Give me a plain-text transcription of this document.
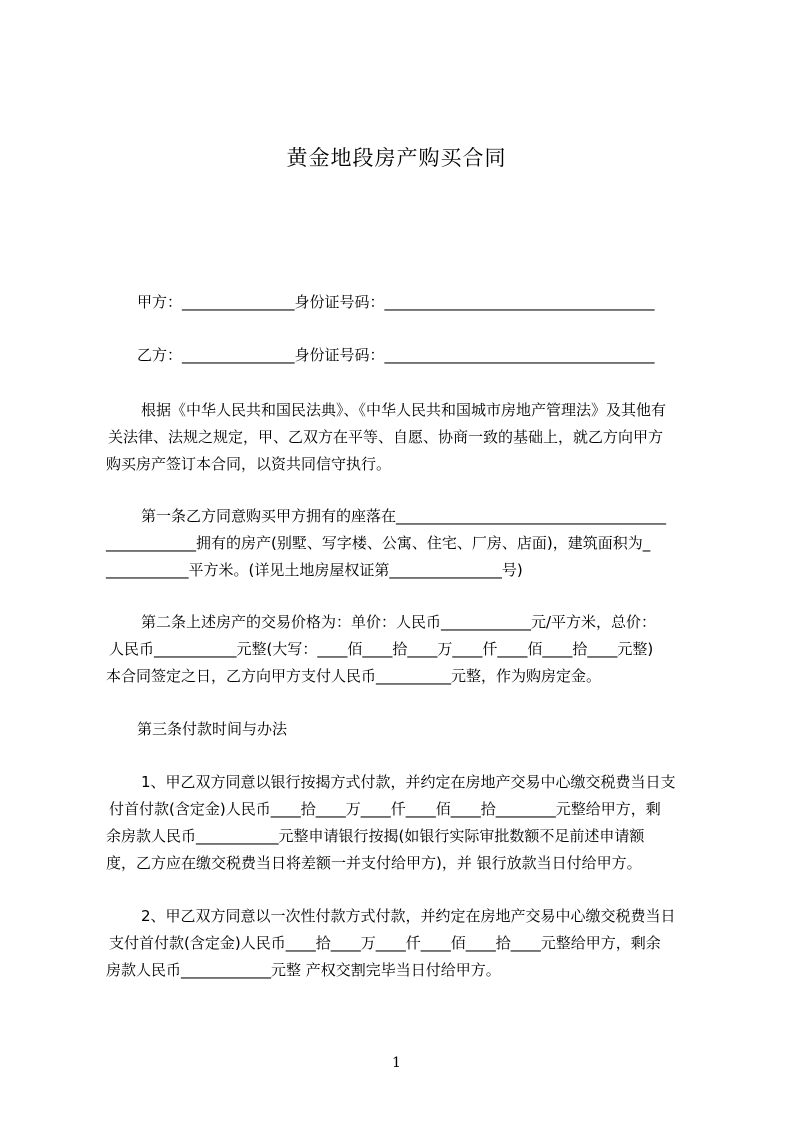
黄金地段房产购买合同
甲方：_______________身份证号码：____________________________________
乙方：_______________身份证号码：____________________________________
根据《中华人民共和国民法典》、《中华人民共和国城市房地产管理法》及其他有
关法律、法规之规定，甲、乙双方在平等、自愿、协商一致的基础上，就乙方向甲方
购买房产签订本合同，以资共同信守执行。
第一条乙方同意购买甲方拥有的座落在____________________________________
____________拥有的房产(别墅、写字楼、公寓、住宅、厂房、店面)，建筑面积为_
___________平方米。(详见土地房屋权证第_______________号)
第二条上述房产的交易价格为：单价：人民币____________元/平方米，总价：
人民币___________元整(大写：____佰____拾____万____仟____佰____拾____元整)
本合同签定之日，乙方向甲方支付人民币__________元整，作为购房定金。
第三条付款时间与办法
1、甲乙双方同意以银行按揭方式付款，并约定在房地产交易中心缴交税费当日支
付首付款(含定金)人民币____拾____万____仟____佰____拾________元整给甲方，剩
余房款人民币___________元整申请银行按揭(如银行实际审批数额不足前述申请额
度，乙方应在缴交税费当日将差额一并支付给甲方)，并 银行放款当日付给甲方。
2、甲乙双方同意以一次性付款方式付款，并约定在房地产交易中心缴交税费当日
支付首付款(含定金)人民币____拾____万____仟____佰____拾____元整给甲方，剩余
房款人民币____________元整 产权交割完毕当日付给甲方。
1
